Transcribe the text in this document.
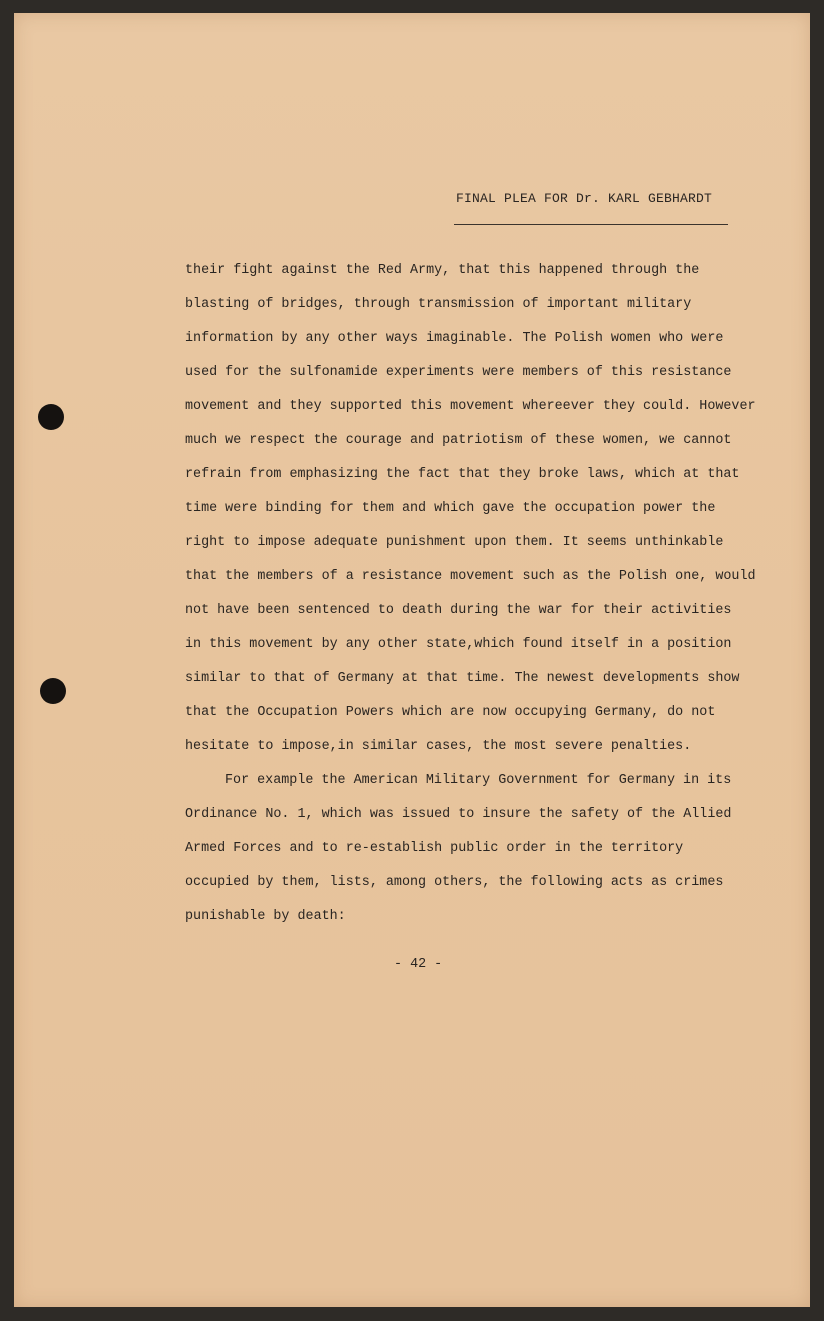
FINAL PLEA FOR Dr. KARL GEBHARDT
their fight against the Red Army, that this happened through the
blasting of bridges, through transmission of important military
information by any other ways imaginable. The Polish women who were
used for the sulfonamide experiments were members of this resistance
movement and they supported this movement whereever they could. However
much we respect the courage and patriotism of these women, we cannot
refrain from emphasizing the fact that they broke laws, which at that
time were binding for them and which gave the occupation power the
right to impose adequate punishment upon them. It seems unthinkable
that the members of a resistance movement such as the Polish one, would
not have been sentenced to death during the war for their activities
in this movement by any other state,which found itself in a position
similar to that of Germany at that time. The newest developments show
that the Occupation Powers which are now occupying Germany, do not
hesitate to impose,in similar cases, the most severe penalties.
For example the American Military Government for Germany in its
Ordinance No. 1, which was issued to insure the safety of the Allied
Armed Forces and to re-establish public order in the territory
occupied by them, lists, among others, the following acts as crimes
punishable by death:
- 42 -
